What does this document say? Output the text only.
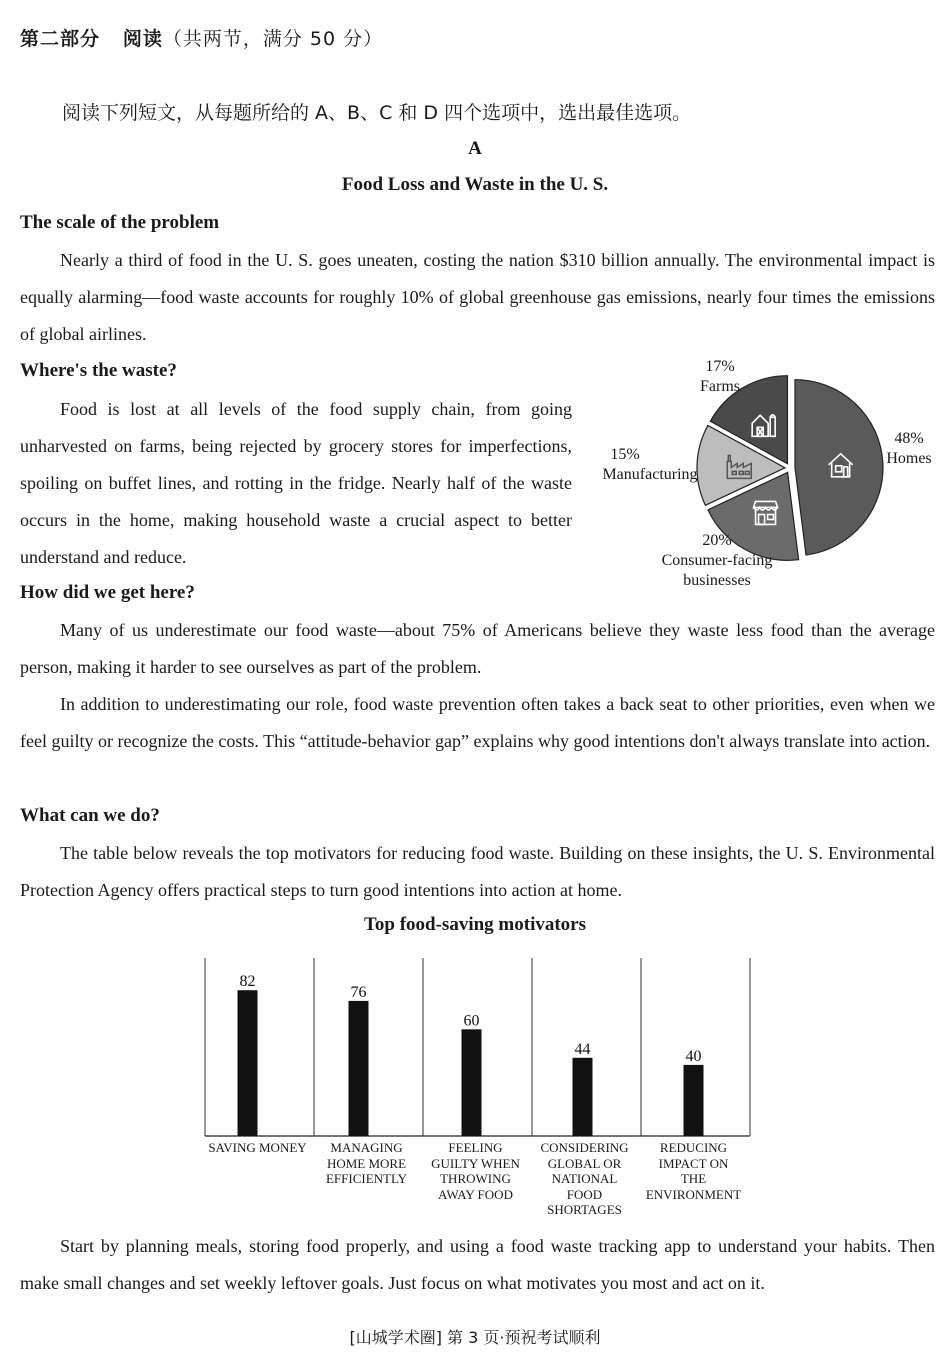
第二部分 阅读（共两节，满分 50 分）
阅读下列短文，从每题所给的 A、B、C 和 D 四个选项中，选出最佳选项。
A
Food Loss and Waste in the U. S.
The scale of the problem
Nearly a third of food in the U. S. goes uneaten, costing the nation $310 billion annually. The environmental impact is equally alarming—food waste accounts for roughly 10% of global greenhouse gas emissions, nearly four times the emissions of global airlines.
Where's the waste?
Food is lost at all levels of the food supply chain, from going unharvested on farms, being rejected by grocery stores for imperfections, spoiling on buffet lines, and rotting in the fridge. Nearly half of the waste occurs in the home, making household waste a crucial aspect to better understand and reduce.
17%
Farms
48%
Homes
15%
Manufacturing
20%
Consumer-facing businesses
How did we get here?
Many of us underestimate our food waste—about 75% of Americans believe they waste less food than the average person, making it harder to see ourselves as part of the problem.
In addition to underestimating our role, food waste prevention often takes a back seat to other priorities, even when we feel guilty or recognize the costs. This “attitude-behavior gap” explains why good intentions don't always translate into action.
What can we do?
The table below reveals the top motivators for reducing food waste. Building on these insights, the U. S. Environmental Protection Agency offers practical steps to turn good intentions into action at home.
Top food-saving motivators
82
76
60
44	40
SAVING MONEY	MANAGING
HOME MORE
EFFICIENTLY
FEELING
GUILTY WHEN
THROWING
AWAY FOOD
CONSIDERING
GLOBAL OR
NATIONAL
FOOD
SHORTAGES
REDUCING
IMPACT ON
THE
ENVIRONMENT
Start by planning meals, storing food properly, and using a food waste tracking app to understand your habits. Then make small changes and set weekly leftover goals. Just focus on what motivates you most and act on it.
[山城学术圈] 第 3 页·预祝考试顺利
